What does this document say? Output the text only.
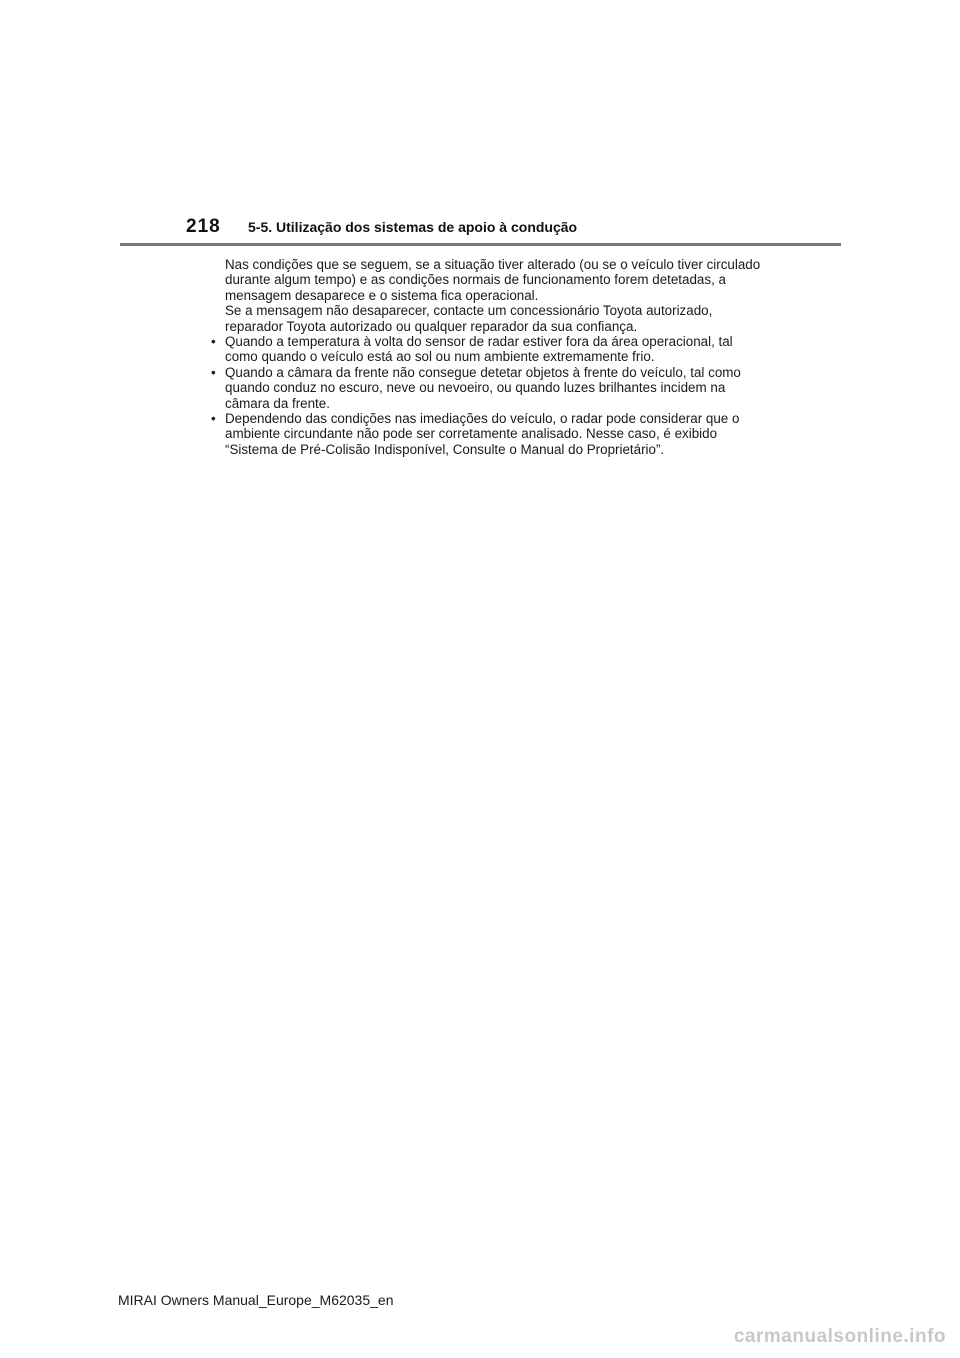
218 5-5. Utilização dos sistemas de apoio à condução

Nas condições que se seguem, se a situação tiver alterado (ou se o veículo tiver circulado durante algum tempo) e as condições normais de funcionamento forem detetadas, a mensagem desaparece e o sistema fica operacional.

Se a mensagem não desaparecer, contacte um concessionário Toyota autorizado, reparador Toyota autorizado ou qualquer reparador da sua confiança.

• Quando a temperatura à volta do sensor de radar estiver fora da área operacional, tal como quando o veículo está ao sol ou num ambiente extremamente frio.
• Quando a câmara da frente não consegue detetar objetos à frente do veículo, tal como quando conduz no escuro, neve ou nevoeiro, ou quando luzes brilhantes incidem na câmara da frente.
• Dependendo das condições nas imediações do veículo, o radar pode considerar que o ambiente circundante não pode ser corretamente analisado. Nesse caso, é exibido “Sistema de Pré-Colisão Indisponível, Consulte o Manual do Proprietário”.
MIRAI Owners Manual_Europe_M62035_en
carmanualsonline.info
